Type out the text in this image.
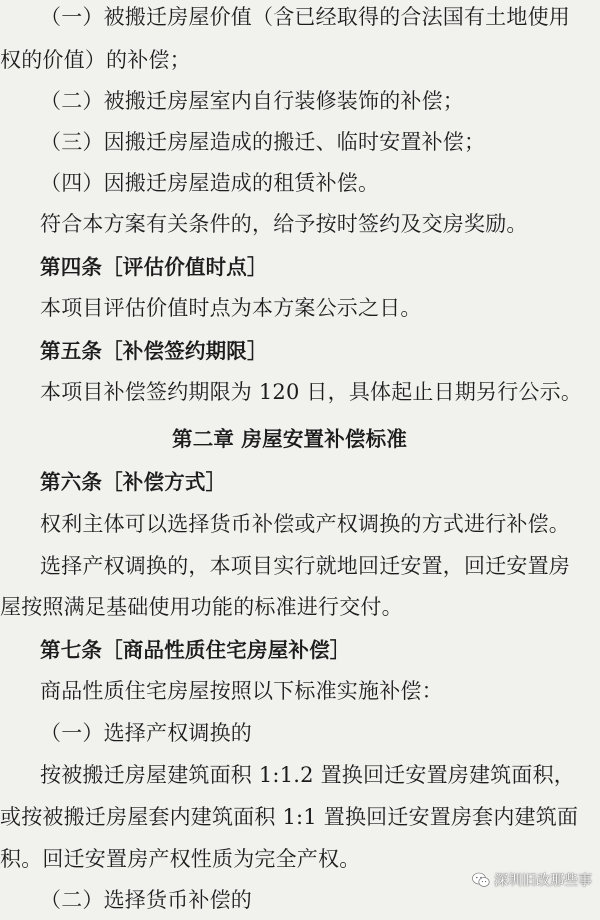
（一）被搬迁房屋价值（含已经取得的合法国有土地使用
权的价值）的补偿；
（二）被搬迁房屋室内自行装修装饰的补偿；
（三）因搬迁房屋造成的搬迁、临时安置补偿；
（四）因搬迁房屋造成的租赁补偿。
符合本方案有关条件的，给予按时签约及交房奖励。
第四条［评估价值时点］
本项目评估价值时点为本方案公示之日。
第五条［补偿签约期限］
本项目补偿签约期限为 120 日，具体起止日期另行公示。
第二章 房屋安置补偿标准
第六条［补偿方式］
权利主体可以选择货币补偿或产权调换的方式进行补偿。
选择产权调换的，本项目实行就地回迁安置，回迁安置房
屋按照满足基础使用功能的标准进行交付。
第七条［商品性质住宅房屋补偿］
商品性质住宅房屋按照以下标准实施补偿：
（一）选择产权调换的
按被搬迁房屋建筑面积 1:1.2 置换回迁安置房建筑面积，
或按被搬迁房屋套内建筑面积 1:1 置换回迁安置房套内建筑面
积。回迁安置房产权性质为完全产权。
（二）选择货币补偿的
深圳旧改那些事
